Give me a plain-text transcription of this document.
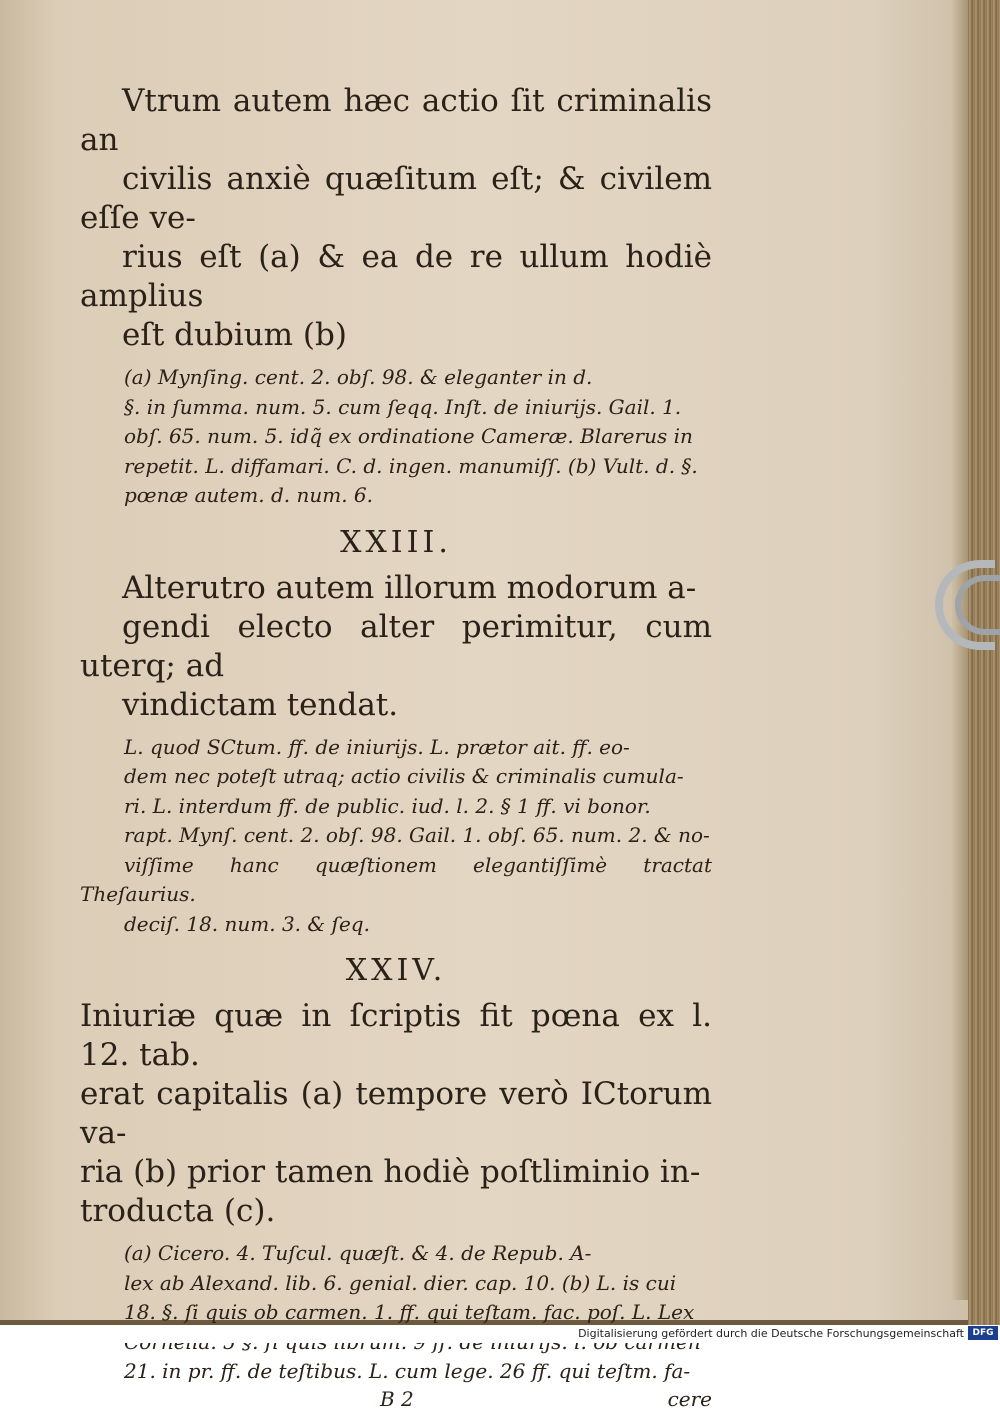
Vtrum autem hæc actio ſit criminalis an
civilis anxiè quæſitum eſt; & civilem eſſe ve-
rius eſt (a) & ea de re ullum hodiè amplius
eſt dubium (b)

(a) Mynſing. cent. 2. obſ. 98. & eleganter in d.
§. in ſumma. num. 5. cum ſeqq. Inſt. de iniurijs. Gail. 1.
obſ. 65. num. 5. idq̃ ex ordinatione Cameræ. Blarerus in
repetit. L. diffamari. C. d. ingen. manumiſſ. (b) Vult. d. §.
pœnæ autem. d. num. 6.

XXIII.

Alterutro autem illorum modorum a-
gendi electo alter perimitur, cum uterq; ad
vindictam tendat.

L. quod SCtum. ff. de iniurijs. L. prætor ait. ff. eo-
dem nec poteſt utraq; actio civilis & criminalis cumula-
ri. L. interdum ff. de public. iud. l. 2. § 1 ff. vi bonor.
rapt. Mynſ. cent. 2. obſ. 98. Gail. 1. obſ. 65. num. 2. & no-
viſſime hanc quæſtionem elegantiſſimè tractat Theſaurius.
deciſ. 18. num. 3. & ſeq.

XXIV.

Iniuriæ quæ in ſcriptis fit pœna ex l. 12. tab.
erat capitalis (a) tempore verò ICtorum va-
ria (b) prior tamen hodiè poſtliminio in-
troducta (c).

(a) Cicero. 4. Tuſcul. quæſt. & 4. de Repub. A-
lex ab Alexand. lib. 6. genial. dier. cap. 10. (b) L. is cui
18. §. ſi quis ob carmen. 1. ff. qui teſtam. fac. poſ. L. Lex
21. in pr. ff. de teſtibus. L. cum lege. 26 ff. qui teſtm. fa-

B 2	cere
Digitalisierung gefördert durch die Deutsche Forschungsgemeinschaft DFG
